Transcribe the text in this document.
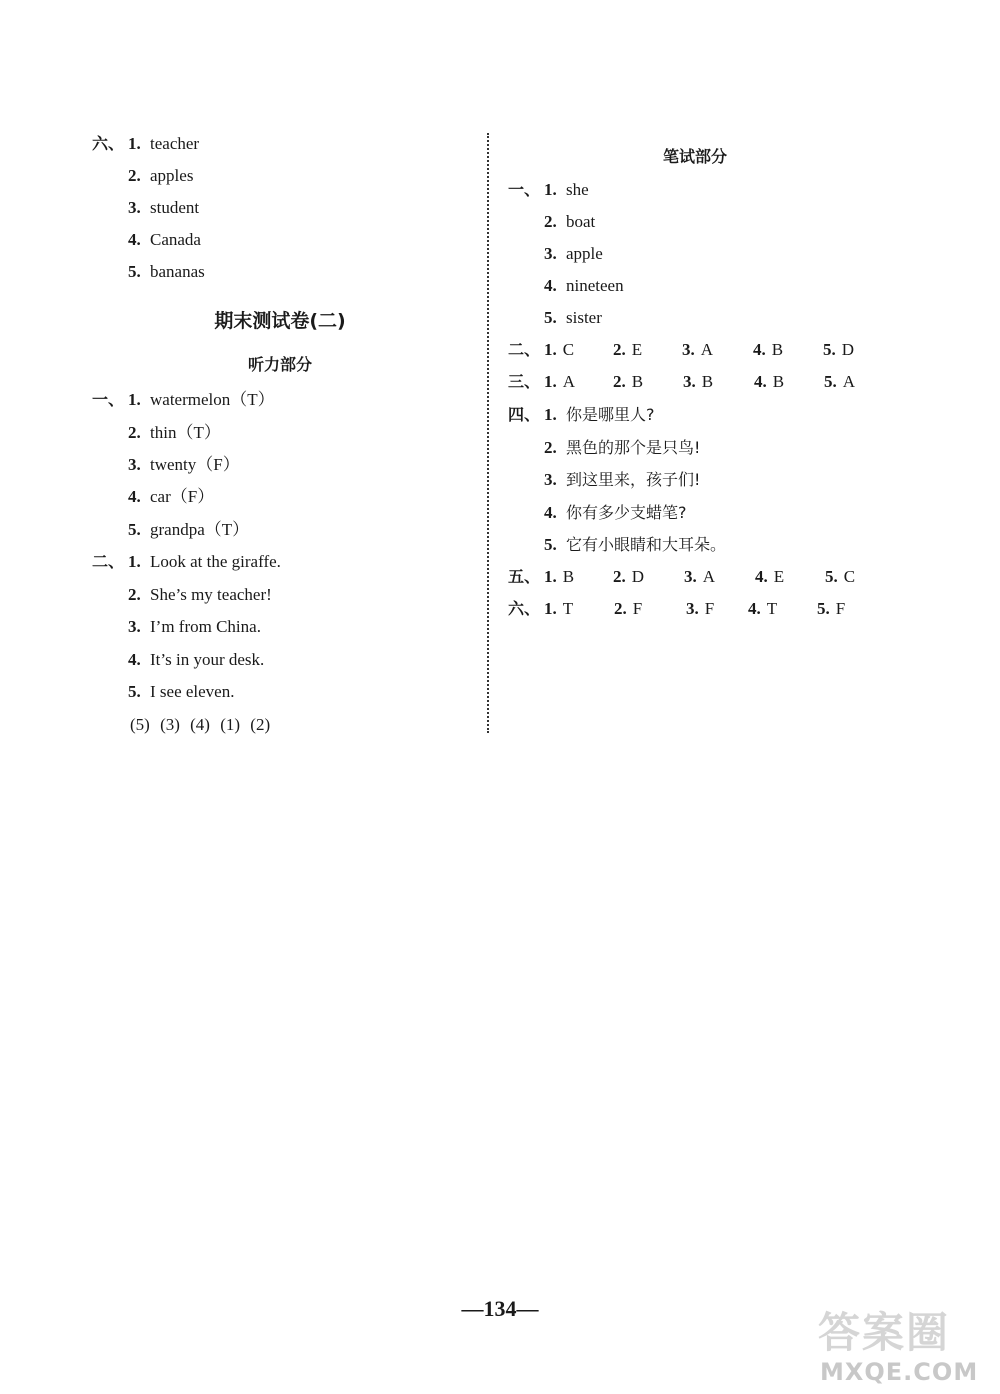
六、 1. teacher
2. apples
3. student
4. Canada
5. bananas
期末测试卷(二)
听力部分
一、 1. watermelon（T）
2. thin（T）
3. twenty（F）
4. car（F）
5. grandpa（T）
二、 1. Look at the giraffe.
2. She’s my teacher!
3. I’m from China.
4. It’s in your desk.
5. I see eleven.
(5) (3) (4) (1) (2)
笔试部分
一、 1. she
2. boat
3. apple
4. nineteen
5. sister
二、 1. C 2. E 3. A 4. B 5. D
三、 1. A 2. B 3. B 4. B 5. A
四、 1. 你是哪里人?
2. 黑色的那个是只鸟!
3. 到这里来，孩子们!
4. 你有多少支蜡笔?
5. 它有小眼睛和大耳朵。
五、 1. B 2. D 3. A 4. E 5. C
六、 1. T 2. F	3. F 4. T 5. F
—134—	答案圈
MXQE.COM
